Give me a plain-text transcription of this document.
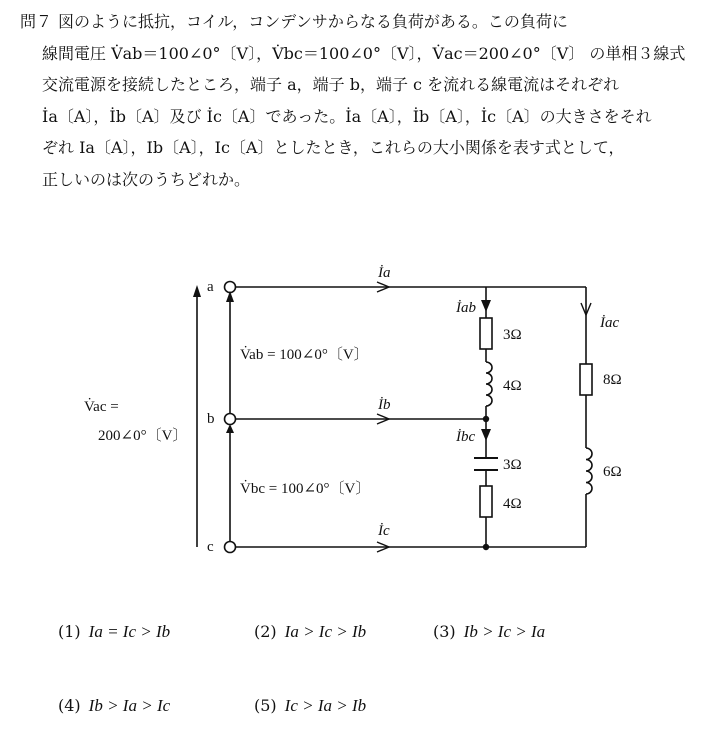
問７ 図のように抵抗，コイル，コンデンサからなる負荷がある。この負荷に
線間電圧 V̇ab＝100∠0°〔V〕，V̇bc＝100∠0°〔V〕，V̇ac＝200∠0°〔V〕 の単相３線式
交流電源を接続したところ，端子 a，端子 b，端子 c を流れる線電流はそれぞれ
İa〔A〕，İb〔A〕及び İc〔A〕であった。İa〔A〕，İb〔A〕，İc〔A〕の大きさをそれ
ぞれ Ia〔A〕，Ib〔A〕，Ic〔A〕としたとき，これらの大小関係を表す式として，
正しいのは次のうちどれか。
a
b
c
İa
İb
İc
İab
İbc
İac
V̇ab = 100∠0°〔V〕
V̇bc = 100∠0°〔V〕
V̇ac =
200∠0°〔V〕
3Ω
4Ω
3Ω
4Ω
8Ω
6Ω
(1) Ia = Ic > Ib	(2) Ia > Ic > Ib	(3) Ib > Ic > Ia
(4) Ib > Ia > Ic	(5) Ic > Ia > Ib
